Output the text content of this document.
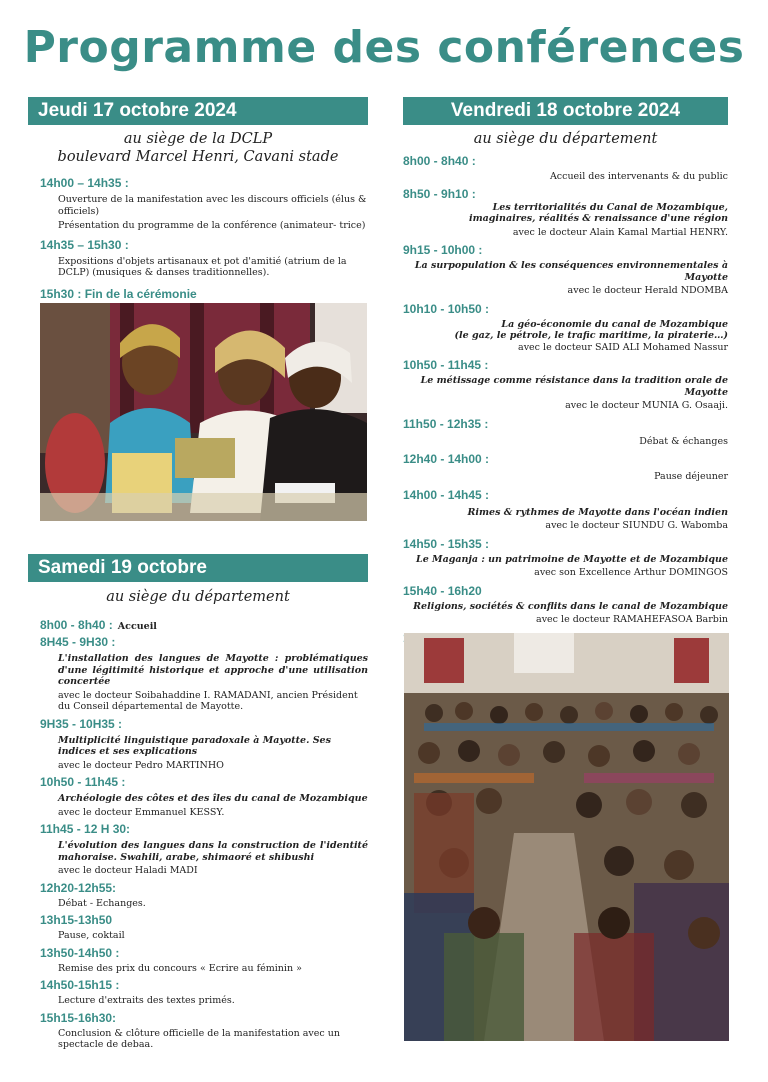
Programme des conférences
Jeudi 17 octobre 2024
au siège de la DCLP
boulevard Marcel Henri, Cavani stade
14h00 – 14h35 :
Ouverture de la manifestation avec les discours officiels (élus & officiels)
Présentation du programme de la conférence (animateur- trice)
14h35 – 15h30 :
Expositions d'objets artisanaux et pot d'amitié (atrium de la DCLP) (musiques & danses traditionnelles).
15h30 : Fin de la cérémonie
Samedi 19 octobre
au siège du département
8h00 - 8h40 : Accueil
8H45 - 9H30 :
L'installation des langues de Mayotte : problématiques d'une légitimité historique et approche d'une utilisation concertée
avec le docteur Soibahaddine I. RAMADANI, ancien Président du Conseil départemental de Mayotte.
9H35 - 10H35 :
Multiplicité linguistique paradoxale à Mayotte. Ses indices et ses explications
avec le docteur Pedro MARTINHO
10h50 - 11h45 :
Archéologie des côtes et des îles du canal de Mozambique
avec le docteur Emmanuel KESSY.
11h45 - 12 H 30:
L'évolution des langues dans la construction de l'identité mahoraise. Swahili, arabe, shimaoré et shibushi
avec le docteur Haladi MADI
12h20-12h55:
Débat - Echanges.
13h15-13h50
Pause, coktail
13h50-14h50 :
Remise des prix du concours « Ecrire au féminin »
14h50-15h15 :
Lecture d'extraits des textes primés.
15h15-16h30:
Conclusion & clôture officielle de la manifestation avec un spectacle de debaa.
Vendredi 18 octobre 2024
au siège du département
8h00 - 8h40 :
Accueil des intervenants & du public
8h50 - 9h10 :
Les territorialités du Canal de Mozambique, imaginaires, réalités & renaissance d'une région
avec le docteur Alain Kamal Martial HENRY.
9h15 - 10h00 :
La surpopulation & les conséquences environnementales à Mayotte
avec le docteur Herald NDOMBA
10h10 - 10h50 :
La géo-économie du canal de Mozambique
(le gaz, le pétrole, le trafic maritime, la piraterie…)
avec le docteur SAID ALI Mohamed Nassur
10h50 - 11h45 :
Le métissage comme résistance dans la tradition orale de Mayotte
avec le docteur MUNIA G. Osaaji.
11h50 - 12h35 :
Débat & échanges
12h40 - 14h00 :
Pause déjeuner
14h00 - 14h45 :
Rimes & rythmes de Mayotte dans l'océan indien
avec le docteur SIUNDU G. Wabomba
14h50 - 15h35 :
Le Maganja : un patrimoine de Mayotte et de Mozambique
avec son Excellence Arthur DOMINGOS
15h40 - 16h20
Religions, sociétés & conflits dans le canal de Mozambique
avec le docteur RAMAHEFASOA Barbin
